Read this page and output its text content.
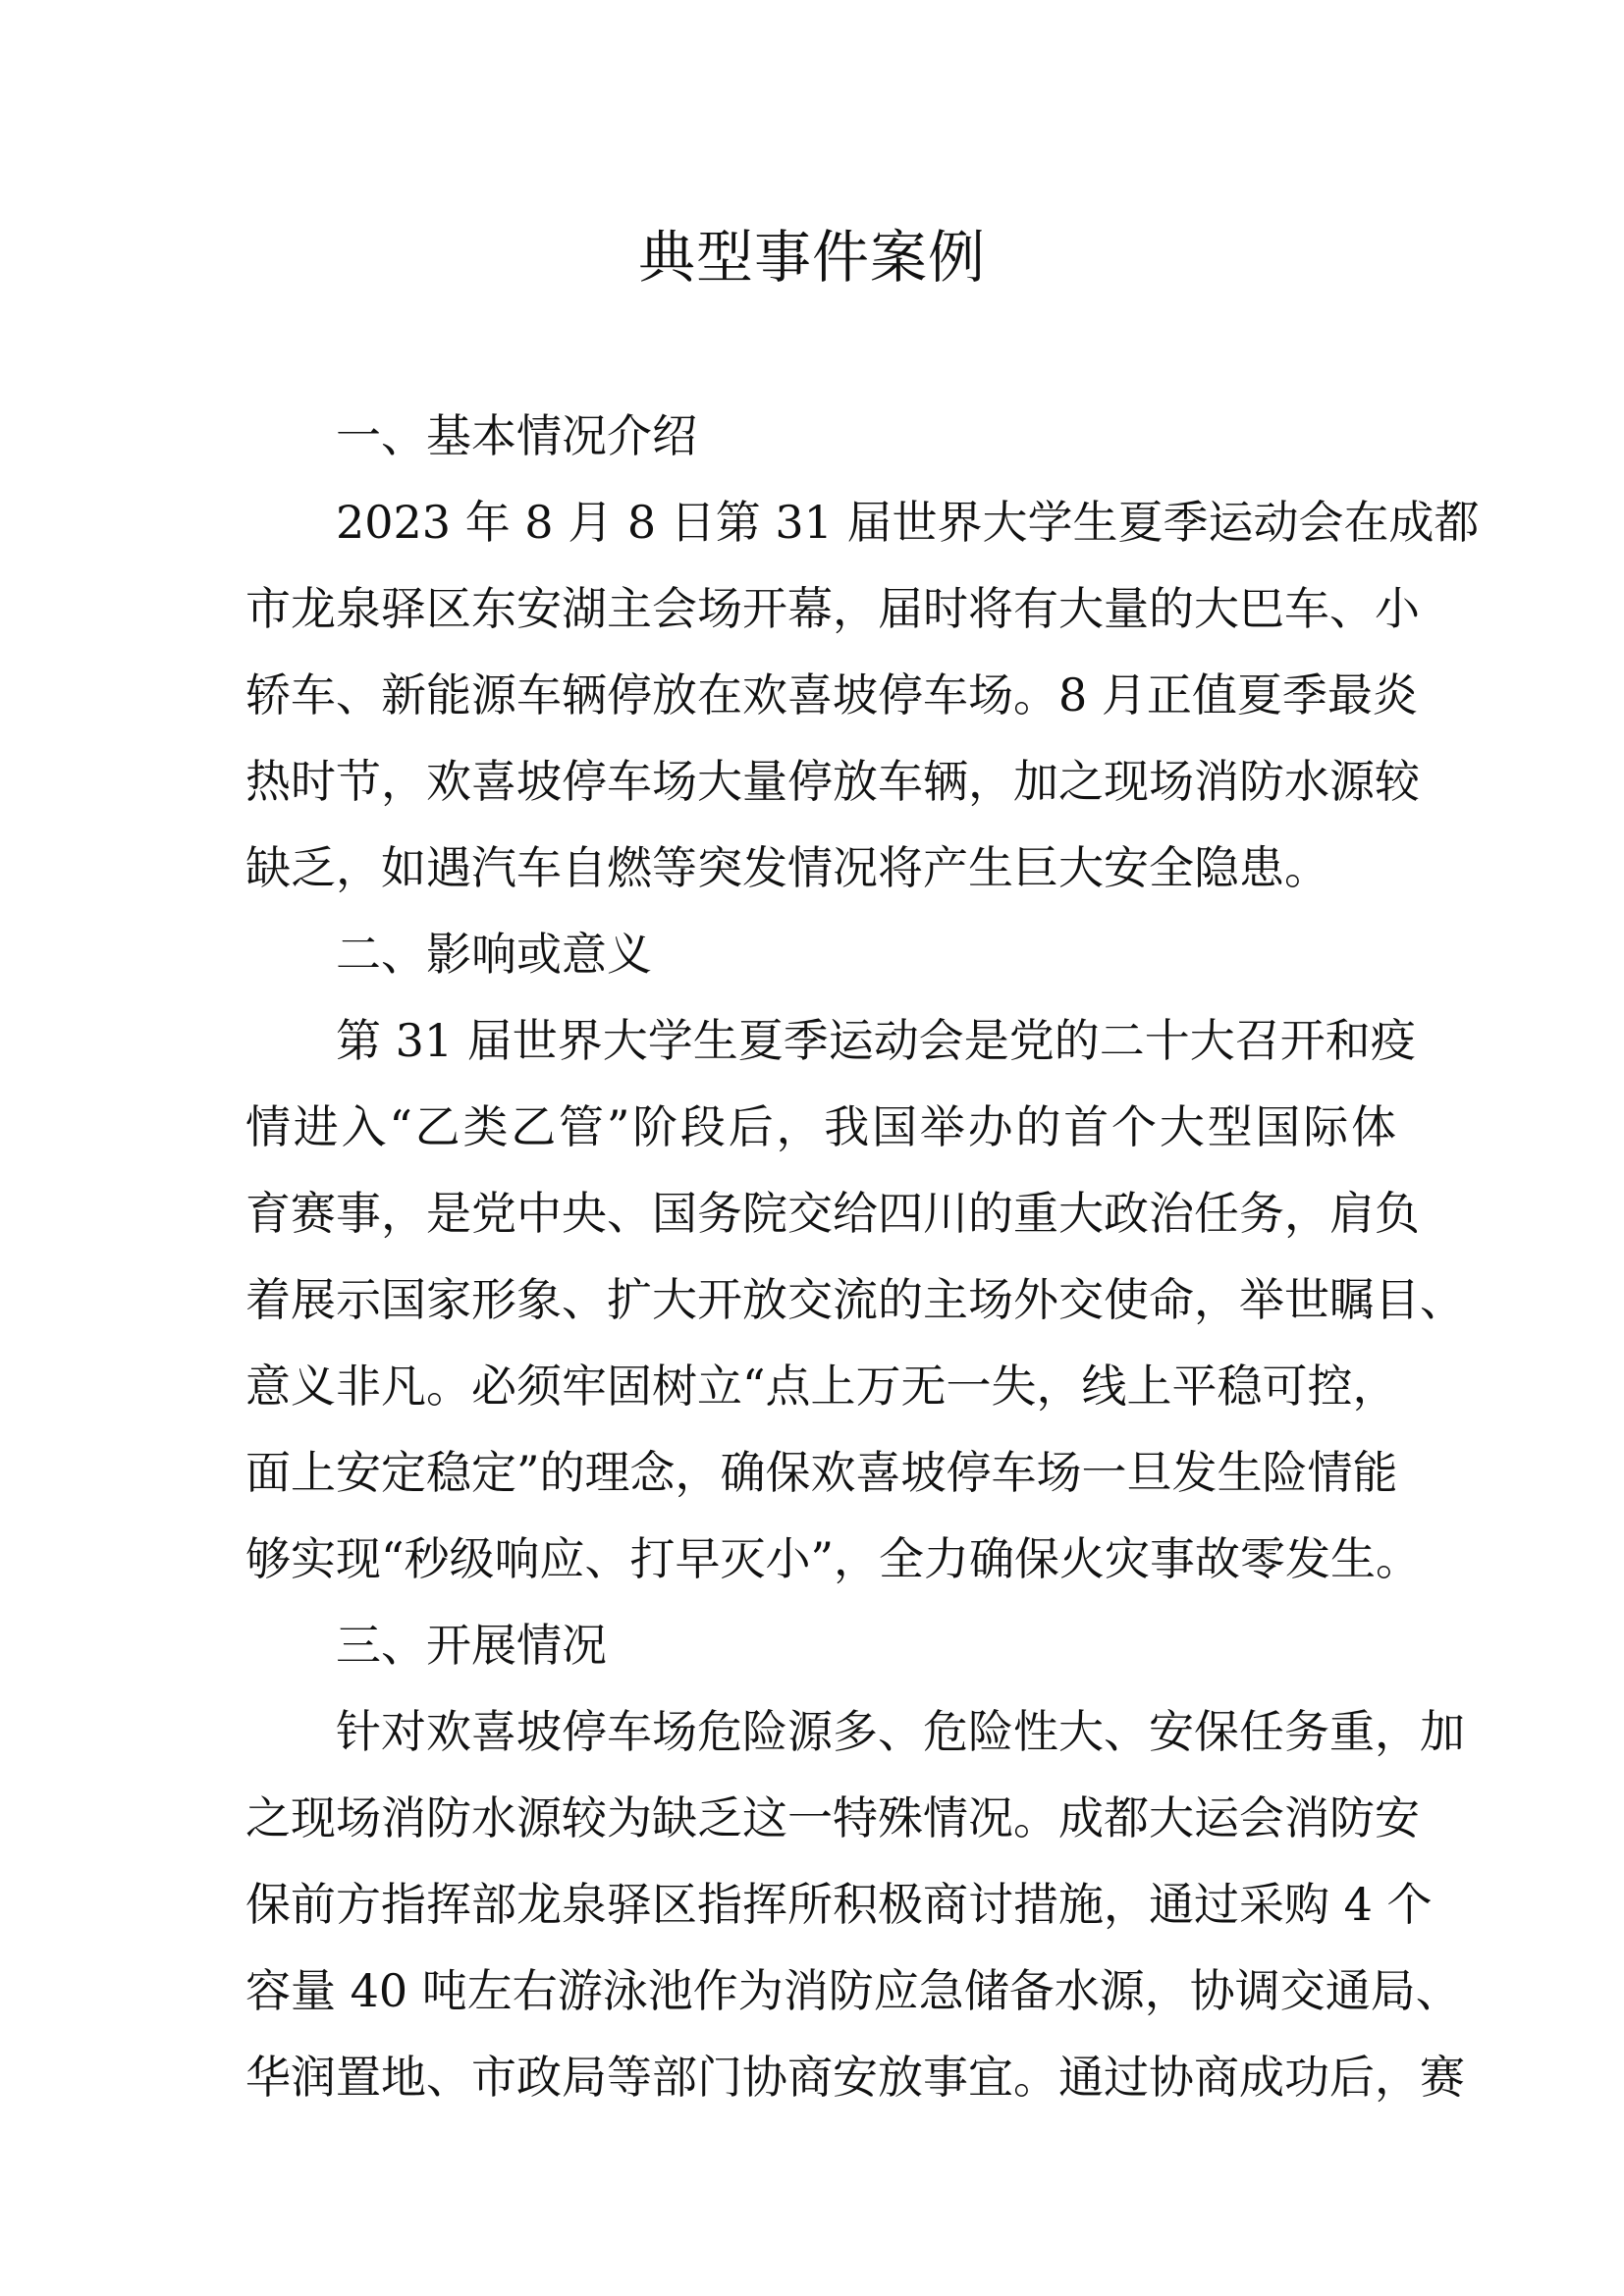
典型事件案例
一、基本情况介绍
2023 年 8 月 8 日第 31 届世界大学生夏季运动会在成都
市龙泉驿区东安湖主会场开幕，届时将有大量的大巴车、小
轿车、新能源车辆停放在欢喜坡停车场。8 月正值夏季最炎
热时节，欢喜坡停车场大量停放车辆，加之现场消防水源较
缺乏，如遇汽车自燃等突发情况将产生巨大安全隐患。
二、影响或意义
第 31 届世界大学生夏季运动会是党的二十大召开和疫
情进入“乙类乙管”阶段后，我国举办的首个大型国际体
育赛事，是党中央、国务院交给四川的重大政治任务，肩负
着展示国家形象、扩大开放交流的主场外交使命，举世瞩目、
意义非凡。必须牢固树立“点上万无一失，线上平稳可控，
面上安定稳定”的理念，确保欢喜坡停车场一旦发生险情能
够实现“秒级响应、打早灭小”，全力确保火灾事故零发生。
三、开展情况
针对欢喜坡停车场危险源多、危险性大、安保任务重，加
之现场消防水源较为缺乏这一特殊情况。成都大运会消防安
保前方指挥部龙泉驿区指挥所积极商讨措施，通过采购 4 个
容量 40 吨左右游泳池作为消防应急储备水源，协调交通局、
华润置地、市政局等部门协商安放事宜。通过协商成功后，赛
